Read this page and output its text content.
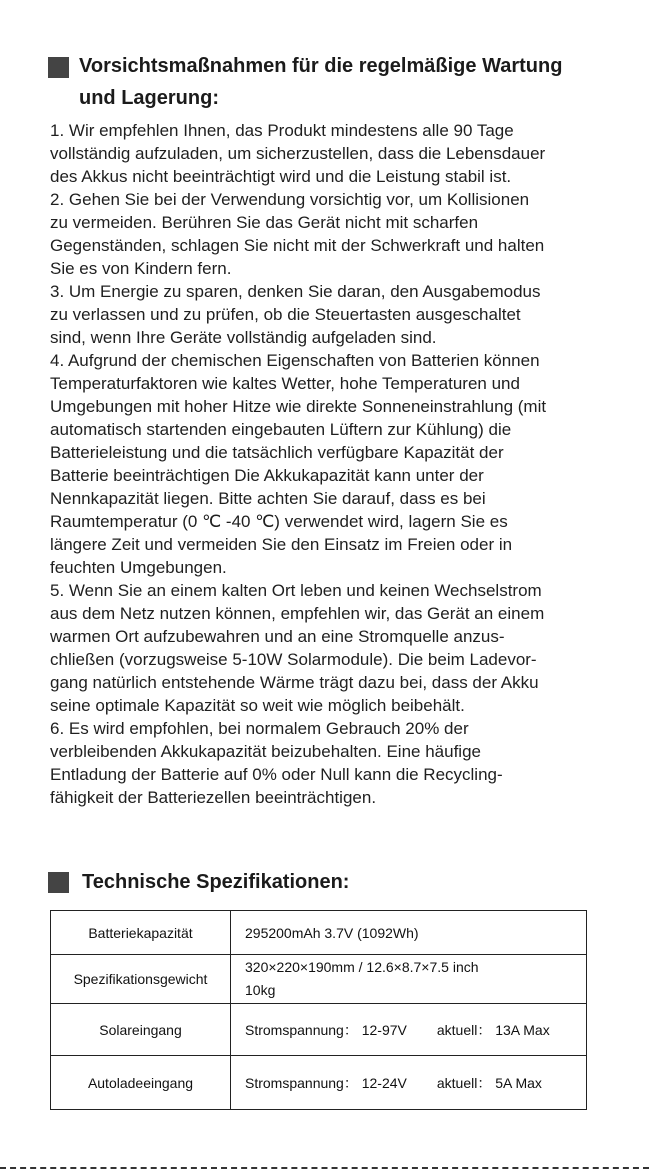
Vorsichtsmaßnahmen für die regelmäßige Wartung
und Lagerung:
1. Wir empfehlen Ihnen, das Produkt mindestens alle 90 Tage
vollständig aufzuladen, um sicherzustellen, dass die Lebensdauer
des Akkus nicht beeinträchtigt wird und die Leistung stabil ist.
2. Gehen Sie bei der Verwendung vorsichtig vor, um Kollisionen
zu vermeiden. Berühren Sie das Gerät nicht mit scharfen
Gegenständen, schlagen Sie nicht mit der Schwerkraft und halten
Sie es von Kindern fern.
3. Um Energie zu sparen, denken Sie daran, den Ausgabemodus
zu verlassen und zu prüfen, ob die Steuertasten ausgeschaltet
sind, wenn Ihre Geräte vollständig aufgeladen sind.
4. Aufgrund der chemischen Eigenschaften von Batterien können
Temperaturfaktoren wie kaltes Wetter, hohe Temperaturen und
Umgebungen mit hoher Hitze wie direkte Sonneneinstrahlung (mit
automatisch startenden eingebauten Lüftern zur Kühlung) die
Batterieleistung und die tatsächlich verfügbare Kapazität der
Batterie beeinträchtigen Die Akkukapazität kann unter der
Nennkapazität liegen. Bitte achten Sie darauf, dass es bei
Raumtemperatur (0 ℃ -40 ℃) verwendet wird, lagern Sie es
längere Zeit und vermeiden Sie den Einsatz im Freien oder in
feuchten Umgebungen.
5. Wenn Sie an einem kalten Ort leben und keinen Wechselstrom
aus dem Netz nutzen können, empfehlen wir, das Gerät an einem
warmen Ort aufzubewahren und an eine Stromquelle anzus-
chließen (vorzugsweise 5-10W Solarmodule). Die beim Ladevor-
gang natürlich entstehende Wärme trägt dazu bei, dass der Akku
seine optimale Kapazität so weit wie möglich beibehält.
6. Es wird empfohlen, bei normalem Gebrauch 20% der
verbleibenden Akkukapazität beizubehalten. Eine häufige
Entladung der Batterie auf 0% oder Null kann die Recycling-
fähigkeit der Batteriezellen beeinträchtigen.
Technische Spezifikationen:
Batteriekapazität	295200mAh 3.7V (1092Wh)
Spezifikationsgewicht	320×220×190mm / 12.6×8.7×7.5 inch
10kg

Solareingang	Stromspannung： 12-97V aktuell： 13A Max
Autoladeeingang	Stromspannung： 12-24V aktuell： 5A Max
